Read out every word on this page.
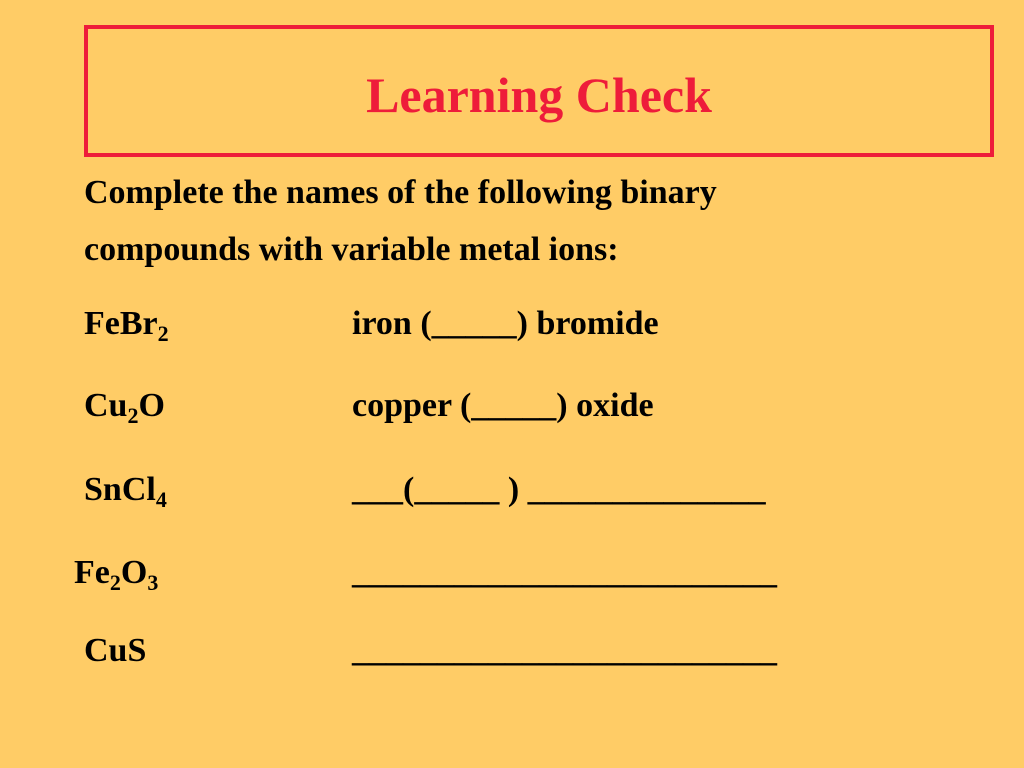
Learning Check
Complete the names of the following binary
compounds with variable metal ions:
FeBr$_2$	iron (_____) bromide
$Cu_2O$	copper (_____) oxide
SnCl$_4$	___(_____ ) ______________
$Fe_2O_3$	_________________________
CuS	_________________________
